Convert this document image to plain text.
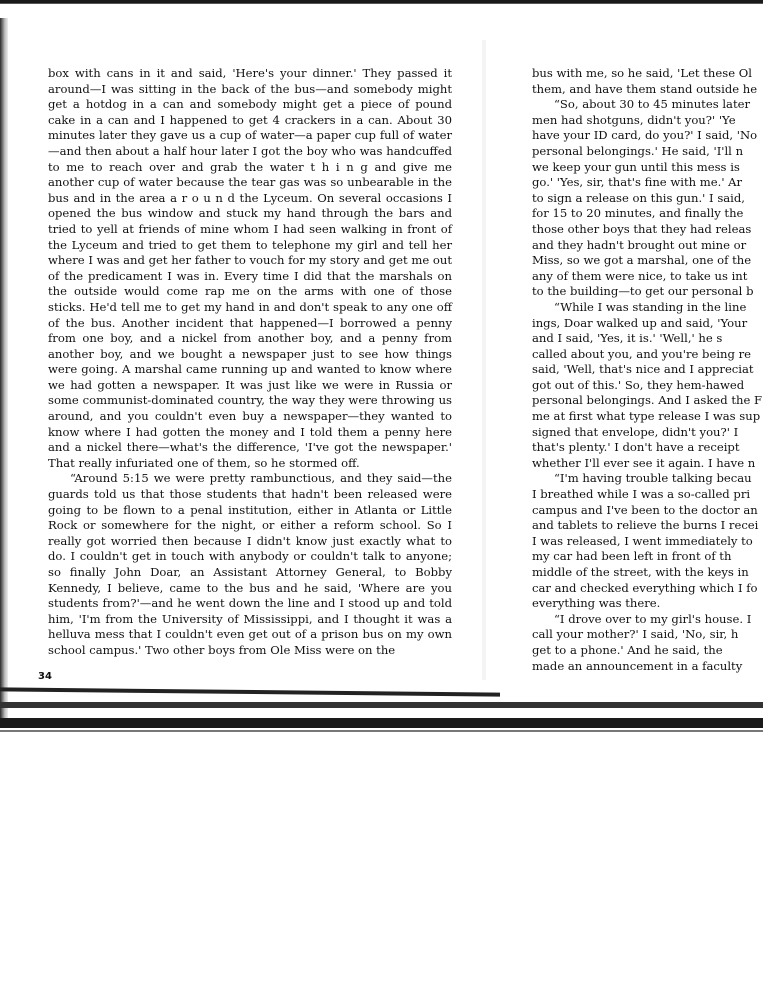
box with cans in it and said, 'Here's your dinner.' They passed it around—I was sitting in the back of the bus—and somebody might get a hotdog in a can and somebody might get a piece of pound cake in a can and I happened to get 4 crackers in a can. About 30 minutes later they gave us a cup of water—a paper cup full of water—and then about a half hour later I got the boy who was handcuffed to me to reach over and grab the water t h i n g and give me another cup of water because the tear gas was so unbearable in the bus and in the area a r o u n d the Lyceum. On several occasions I opened the bus window and stuck my hand through the bars and tried to yell at friends of mine whom I had seen walking in front of the Lyceum and tried to get them to telephone my girl and tell her where I was and get her father to vouch for my story and get me out of the predicament I was in. Every time I did that the marshals on the outside would come rap me on the arms with one of those sticks. He'd tell me to get my hand in and don't speak to any one off of the bus. Another incident that happened—I borrowed a penny from one boy, and a nickel from another boy, and a penny from another boy, and we bought a newspaper just to see how things were going. A marshal came running up and wanted to know where we had gotten a newspaper. It was just like we were in Russia or some communist-dominated country, the way they were throwing us around, and you couldn't even buy a newspaper—they wanted to know where I had gotten the money and I told them a penny here and a nickel there—what's the difference, 'I've got the newspaper.' That really infuriated one of them, so he stormed off.

“Around 5:15 we were pretty rambunctious, and they said—the guards told us that those students that hadn't been released were going to be flown to a penal institution, either in Atlanta or Little Rock or somewhere for the night, or either a reform school. So I really got worried then because I didn't know just exactly what to do. I couldn't get in touch with anybody or couldn't talk to anyone; so finally John Doar, an Assistant Attorney General, to Bobby Kennedy, I believe, came to the bus and he said, 'Where are you students from?'—and he went down the line and I stood up and told him, 'I'm from the University of Mississippi, and I thought it was a helluva mess that I couldn't even get out of a prison bus on my own school campus.' Two other boys from Ole Miss were on the

34
bus with me, so he said, 'Let these Ol
them, and have them stand outside he
“So, about 30 to 45 minutes later
men had shotguns, didn't you?' 'Ye
have your ID card, do you?' I said, 'No
personal belongings.' He said, 'I'll n
we keep your gun until this mess is
go.' 'Yes, sir, that's fine with me.' Ar
to sign a release on this gun.' I said,
for 15 to 20 minutes, and finally the
those other boys that they had releas
and they hadn't brought out mine or
Miss, so we got a marshal, one of the
any of them were nice, to take us int
to the building—to get our personal b
“While I was standing in the line
ings, Doar walked up and said, 'Your
and I said, 'Yes, it is.' 'Well,' he s
called about you, and you're being re
said, 'Well, that's nice and I appreciat
got out of this.' So, they hem-hawed
personal belongings. And I asked the F
me at first what type release I was sup
signed that envelope, didn't you?' I
that's plenty.' I don't have a receipt
whether I'll ever see it again. I have n
“I'm having trouble talking becau
I breathed while I was a so-called pri
campus and I've been to the doctor an
and tablets to relieve the burns I recei
I was released, I went immediately to
my car had been left in front of th
middle of the street, with the keys in
car and checked everything which I fo
everything was there.
“I drove over to my girl's house. I
call your mother?' I said, 'No, sir, h
get to a phone.' And he said, the
made an announcement in a faculty
